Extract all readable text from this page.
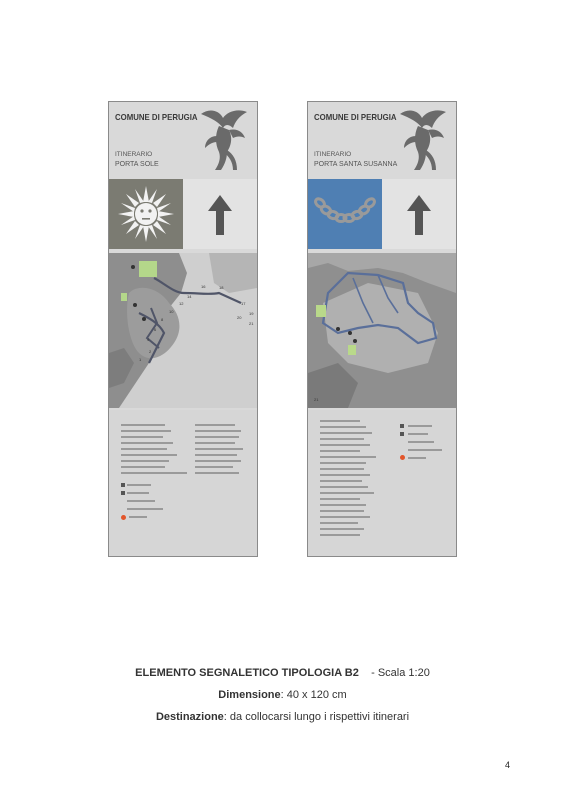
COMUNE DI PERUGIA
ITINERARIO
PORTA SOLE
16	18
17
19
21
20
14
12
10
8
6
4
2
1
COMUNE DI PERUGIA
ITINERARIO
PORTA SANTA SUSANNA
21
ELEMENTO SEGNALETICO TIPOLOGIA B2 - Scala 1:20
Dimensione: 40 x 120 cm
Destinazione: da collocarsi lungo i rispettivi itinerari
4
